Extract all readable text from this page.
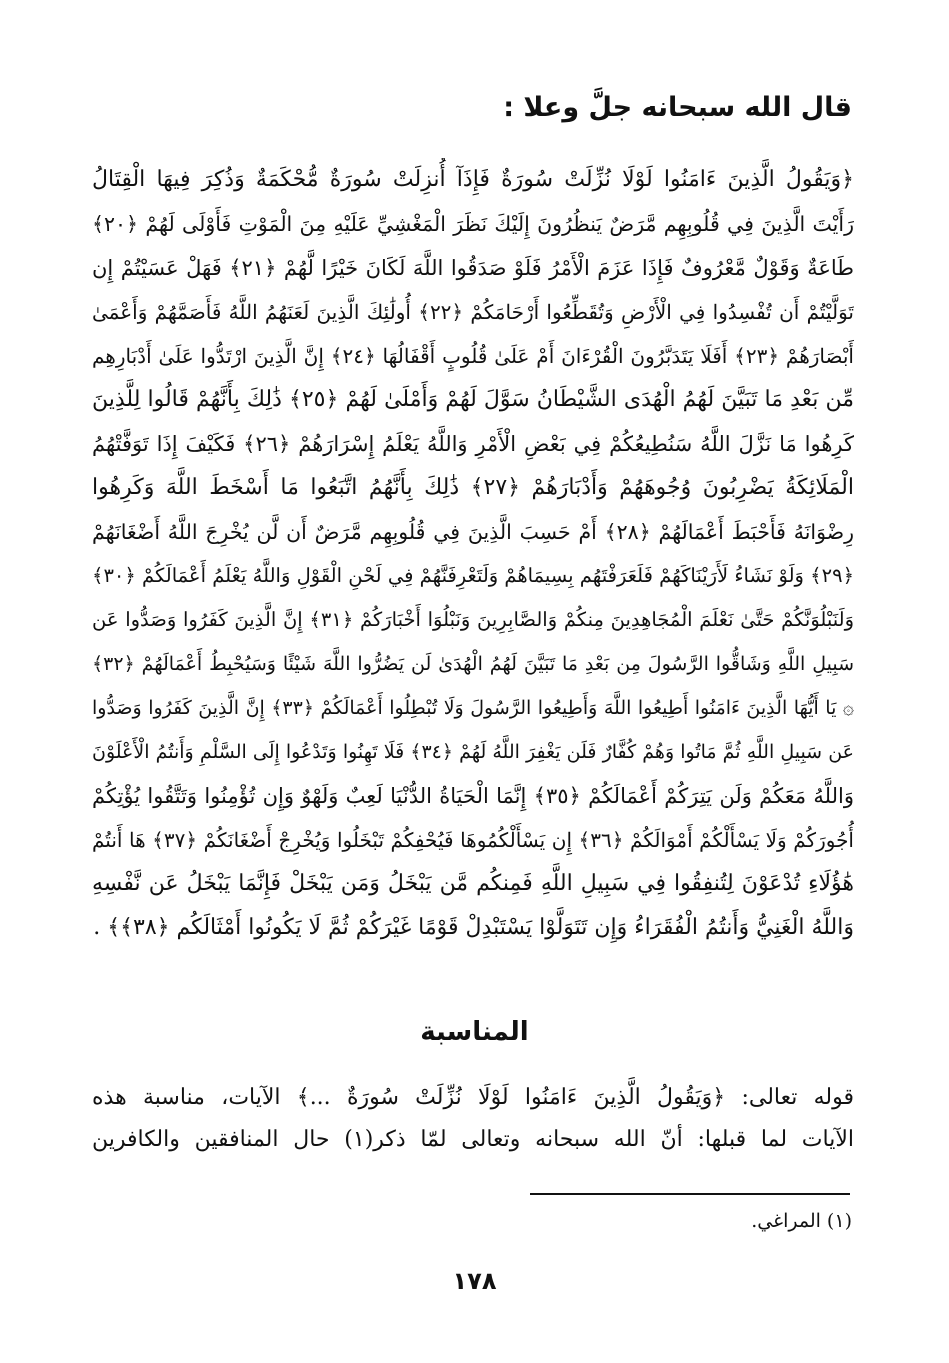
قال الله سبحانه جلَّ وعلا :
﴿وَيَقُولُ الَّذِينَ ءَامَنُوا لَوْلَا نُزِّلَتْ سُورَةٌ فَإِذَآ أُنزِلَتْ سُورَةٌ مُّحْكَمَةٌ وَذُكِرَ فِيهَا الْقِتَالُ
رَأَيْتَ الَّذِينَ فِي قُلُوبِهِم مَّرَضٌ يَنظُرُونَ إِلَيْكَ نَظَرَ الْمَغْشِيِّ عَلَيْهِ مِنَ الْمَوْتِ فَأَوْلَى لَهُمْ ﴿٢٠﴾
طَاعَةٌ وَقَوْلٌ مَّعْرُوفٌ فَإِذَا عَزَمَ الْأَمْرُ فَلَوْ صَدَقُوا اللَّهَ لَكَانَ خَيْرًا لَّهُمْ ﴿٢١﴾ فَهَلْ عَسَيْتُمْ إِن
تَوَلَّيْتُمْ أَن تُفْسِدُوا فِي الْأَرْضِ وَتُقَطِّعُوا أَرْحَامَكُمْ ﴿٢٢﴾ أُولَٰئِكَ الَّذِينَ لَعَنَهُمُ اللَّهُ فَأَصَمَّهُمْ وَأَعْمَىٰ
أَبْصَارَهُمْ ﴿٢٣﴾ أَفَلَا يَتَدَبَّرُونَ الْقُرْءَانَ أَمْ عَلَىٰ قُلُوبٍ أَقْفَالُهَا ﴿٢٤﴾ إِنَّ الَّذِينَ ارْتَدُّوا عَلَىٰ أَدْبَارِهِم
مِّن بَعْدِ مَا تَبَيَّنَ لَهُمُ الْهُدَى الشَّيْطَانُ سَوَّلَ لَهُمْ وَأَمْلَىٰ لَهُمْ ﴿٢٥﴾ ذَٰلِكَ بِأَنَّهُمْ قَالُوا لِلَّذِينَ
كَرِهُوا مَا نَزَّلَ اللَّهُ سَنُطِيعُكُمْ فِي بَعْضِ الْأَمْرِ وَاللَّهُ يَعْلَمُ إِسْرَارَهُمْ ﴿٢٦﴾ فَكَيْفَ إِذَا تَوَفَّتْهُمُ
الْمَلَائِكَةُ يَضْرِبُونَ وُجُوهَهُمْ وَأَدْبَارَهُمْ ﴿٢٧﴾ ذَٰلِكَ بِأَنَّهُمُ اتَّبَعُوا مَا أَسْخَطَ اللَّهَ وَكَرِهُوا
رِضْوَانَهُ فَأَحْبَطَ أَعْمَالَهُمْ ﴿٢٨﴾ أَمْ حَسِبَ الَّذِينَ فِي قُلُوبِهِم مَّرَضٌ أَن لَّن يُخْرِجَ اللَّهُ أَضْغَانَهُمْ
﴿٢٩﴾ وَلَوْ نَشَاءُ لَأَرَيْنَاكَهُمْ فَلَعَرَفْتَهُم بِسِيمَاهُمْ وَلَتَعْرِفَنَّهُمْ فِي لَحْنِ الْقَوْلِ وَاللَّهُ يَعْلَمُ أَعْمَالَكُمْ ﴿٣٠﴾
وَلَنَبْلُوَنَّكُمْ حَتَّىٰ نَعْلَمَ الْمُجَاهِدِينَ مِنكُمْ وَالصَّابِرِينَ وَنَبْلُوَا أَخْبَارَكُمْ ﴿٣١﴾ إِنَّ الَّذِينَ كَفَرُوا وَصَدُّوا عَن
سَبِيلِ اللَّهِ وَشَاقُّوا الرَّسُولَ مِن بَعْدِ مَا تَبَيَّنَ لَهُمُ الْهُدَىٰ لَن يَضُرُّوا اللَّهَ شَيْئًا وَسَيُحْبِطُ أَعْمَالَهُمْ ﴿٣٢﴾
۞ يَا أَيُّهَا الَّذِينَ ءَامَنُوا أَطِيعُوا اللَّهَ وَأَطِيعُوا الرَّسُولَ وَلَا تُبْطِلُوا أَعْمَالَكُمْ ﴿٣٣﴾ إِنَّ الَّذِينَ كَفَرُوا وَصَدُّوا
عَن سَبِيلِ اللَّهِ ثُمَّ مَاتُوا وَهُمْ كُفَّارٌ فَلَن يَغْفِرَ اللَّهُ لَهُمْ ﴿٣٤﴾ فَلَا تَهِنُوا وَتَدْعُوا إِلَى السَّلْمِ وَأَنتُمُ الْأَعْلَوْنَ
وَاللَّهُ مَعَكُمْ وَلَن يَتِرَكُمْ أَعْمَالَكُمْ ﴿٣٥﴾ إِنَّمَا الْحَيَاةُ الدُّنْيَا لَعِبٌ وَلَهْوٌ وَإِن تُؤْمِنُوا وَتَتَّقُوا يُؤْتِكُمْ
أُجُورَكُمْ وَلَا يَسْأَلْكُمْ أَمْوَالَكُمْ ﴿٣٦﴾ إِن يَسْأَلْكُمُوهَا فَيُحْفِكُمْ تَبْخَلُوا وَيُخْرِجْ أَضْغَانَكُمْ ﴿٣٧﴾ هَا أَنتُمْ
هَٰؤُلَاءِ تُدْعَوْنَ لِتُنفِقُوا فِي سَبِيلِ اللَّهِ فَمِنكُم مَّن يَبْخَلُ وَمَن يَبْخَلْ فَإِنَّمَا يَبْخَلُ عَن نَّفْسِهِ
وَاللَّهُ الْغَنِيُّ وَأَنتُمُ الْفُقَرَاءُ وَإِن تَتَوَلَّوْا يَسْتَبْدِلْ قَوْمًا غَيْرَكُمْ ثُمَّ لَا يَكُونُوا أَمْثَالَكُم ﴿٣٨﴾﴾ .
المناسبة
قوله تعالى: ﴿وَيَقُولُ الَّذِينَ ءَامَنُوا لَوْلَا نُزِّلَتْ سُورَةٌ ...﴾ الآيات، مناسبة هذه
الآيات لما قبلها: أنّ الله سبحانه وتعالى لمّا ذكر(١) حال المنافقين والكافرين
(١) المراغي.
١٧٨
